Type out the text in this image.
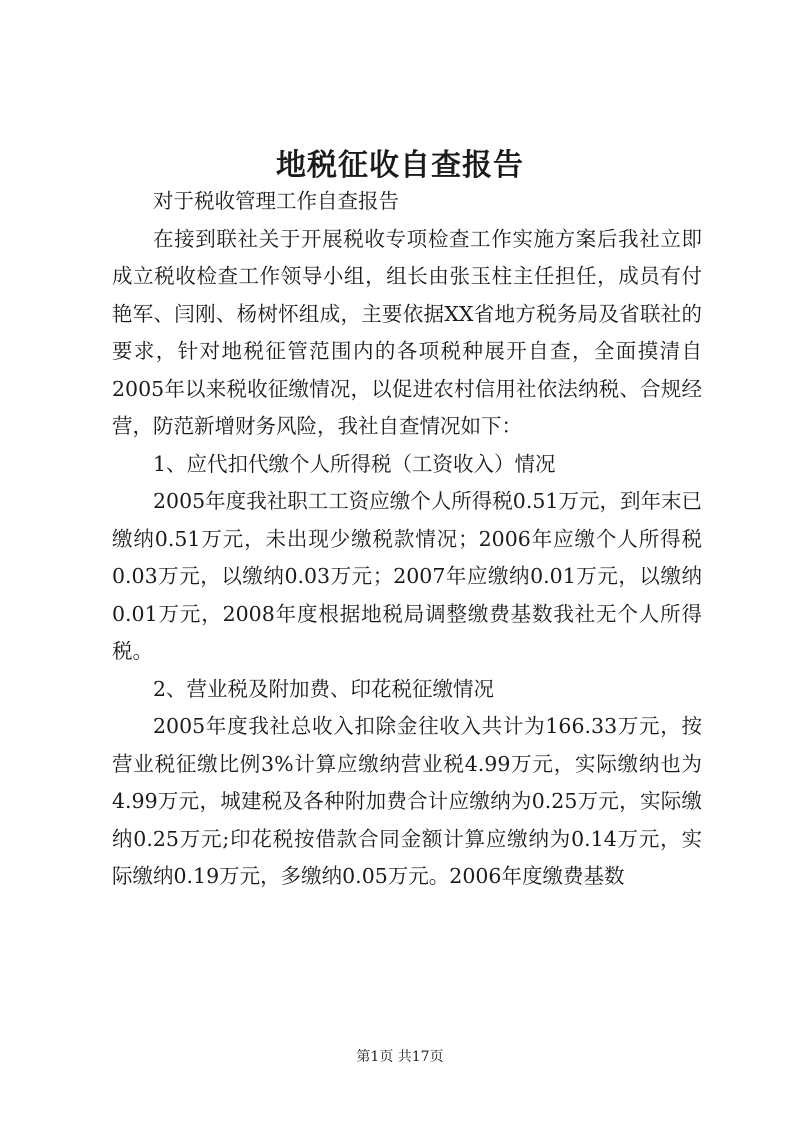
地税征收自查报告

对于税收管理工作自查报告

在接到联社关于开展税收专项检查工作实施方案后我社立即成立税收检查工作领导小组，组长由张玉柱主任担任，成员有付艳军、闫刚、杨树怀组成，主要依据XX省地方税务局及省联社的要求，针对地税征管范围内的各项税种展开自查，全面摸清自2005年以来税收征缴情况，以促进农村信用社依法纳税、合规经营，防范新增财务风险，我社自查情况如下：

1、应代扣代缴个人所得税（工资收入）情况

2005年度我社职工工资应缴个人所得税0.51万元，到年末已缴纳0.51万元，未出现少缴税款情况；2006年应缴个人所得税0.03万元，以缴纳0.03万元；2007年应缴纳0.01万元，以缴纳0.01万元，2008年度根据地税局调整缴费基数我社无个人所得税。

2、营业税及附加费、印花税征缴情况

2005年度我社总收入扣除金往收入共计为166.33万元，按营业税征缴比例3%计算应缴纳营业税4.99万元，实际缴纳也为4.99万元，城建税及各种附加费合计应缴纳为0.25万元，实际缴纳0.25万元;印花税按借款合同金额计算应缴纳为0.14万元，实际缴纳0.19万元，多缴纳0.05万元。2006年度缴费基数

第1页 共17页
